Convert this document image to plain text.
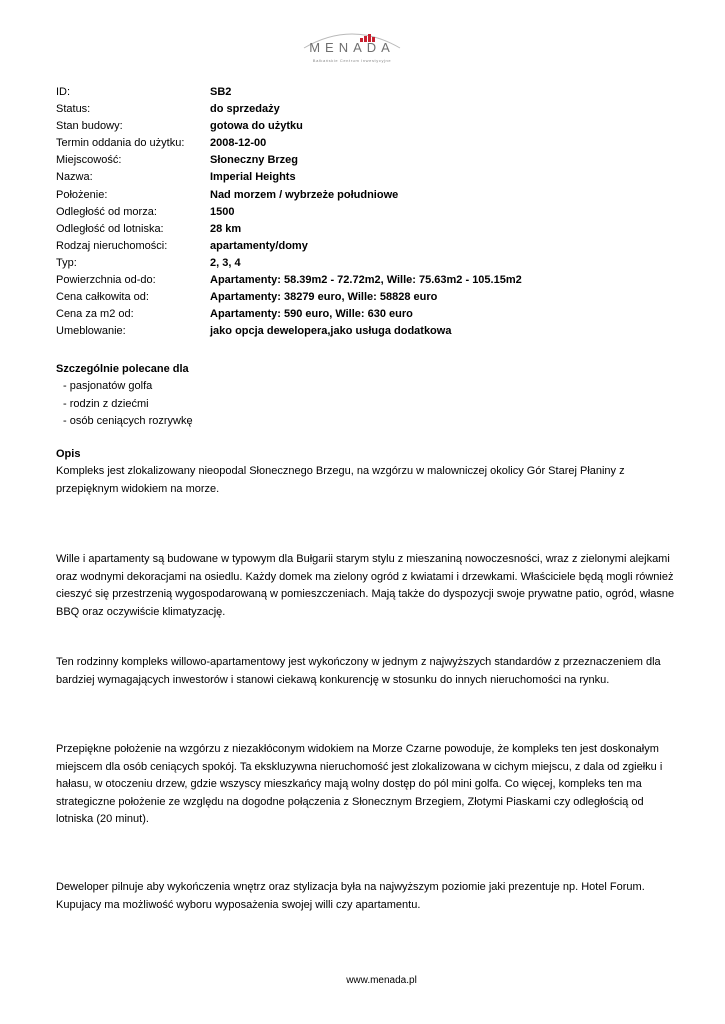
MENADA
Bałkańskie Centrum Inwestycyjne
ID:	SB2
Status:	do sprzedaży
Stan budowy:	gotowa do użytku
Termin oddania do użytku: 2008-12-00
Miejscowość:	Słoneczny Brzeg
Nazwa:	Imperial Heights
Położenie:	Nad morzem / wybrzeże południowe
Odległość od morza:	1500
Odległość od lotniska:	28 km
Rodzaj nieruchomości:	apartamenty/domy
Typ:	2, 3, 4
Powierzchnia od-do:	Apartamenty: 58.39m2 - 72.72m2, Wille: 75.63m2 - 105.15m2
Cena całkowita od:	Apartamenty: 38279 euro, Wille: 58828 euro
Cena za m2 od:	Apartamenty: 590 euro, Wille: 630 euro
Umeblowanie:	jako opcja dewelopera,jako usługa dodatkowa
Szczególnie polecane dla
- pasjonatów golfa
- rodzin z dziećmi
- osób ceniących rozrywkę
Opis
Kompleks jest zlokalizowany nieopodal Słonecznego Brzegu, na wzgórzu w malowniczej okolicy Gór Starej Płaniny z przepięknym widokiem na morze.
Wille i apartamenty są budowane w typowym dla Bułgarii starym stylu z mieszaniną nowoczesności, wraz z zielonymi alejkami oraz wodnymi dekoracjami na osiedlu. Każdy domek ma zielony ogród z kwiatami i drzewkami. Właściciele będą mogli również cieszyć się przestrzenią wygospodarowaną w pomieszczeniach. Mają także do dyspozycji swoje prywatne patio, ogród, własne BBQ oraz oczywiście klimatyzację.
Ten rodzinny kompleks willowo-apartamentowy jest wykończony w jednym z najwyższych standardów z przeznaczeniem dla bardziej wymagających inwestorów i stanowi ciekawą konkurencję w stosunku do innych nieruchomości na rynku.
Przepiękne położenie na wzgórzu z niezakłóconym widokiem na Morze Czarne powoduje, że kompleks ten jest doskonałym miejscem dla osób ceniących spokój. Ta ekskluzywna nieruchomość jest zlokalizowana w cichym miejscu, z dala od zgiełku i hałasu, w otoczeniu drzew, gdzie wszyscy mieszkańcy mają wolny dostęp do pól mini golfa. Co więcej, kompleks ten ma strategiczne położenie ze względu na dogodne połączenia z Słonecznym Brzegiem, Złotymi Piaskami czy odległością od lotniska (20 minut).
Deweloper pilnuje aby wykończenia wnętrz oraz stylizacja była na najwyższym poziomie jaki prezentuje np. Hotel Forum. Kupujacy ma możliwość wyboru wyposażenia swojej willi czy apartamentu.
www.menada.pl
